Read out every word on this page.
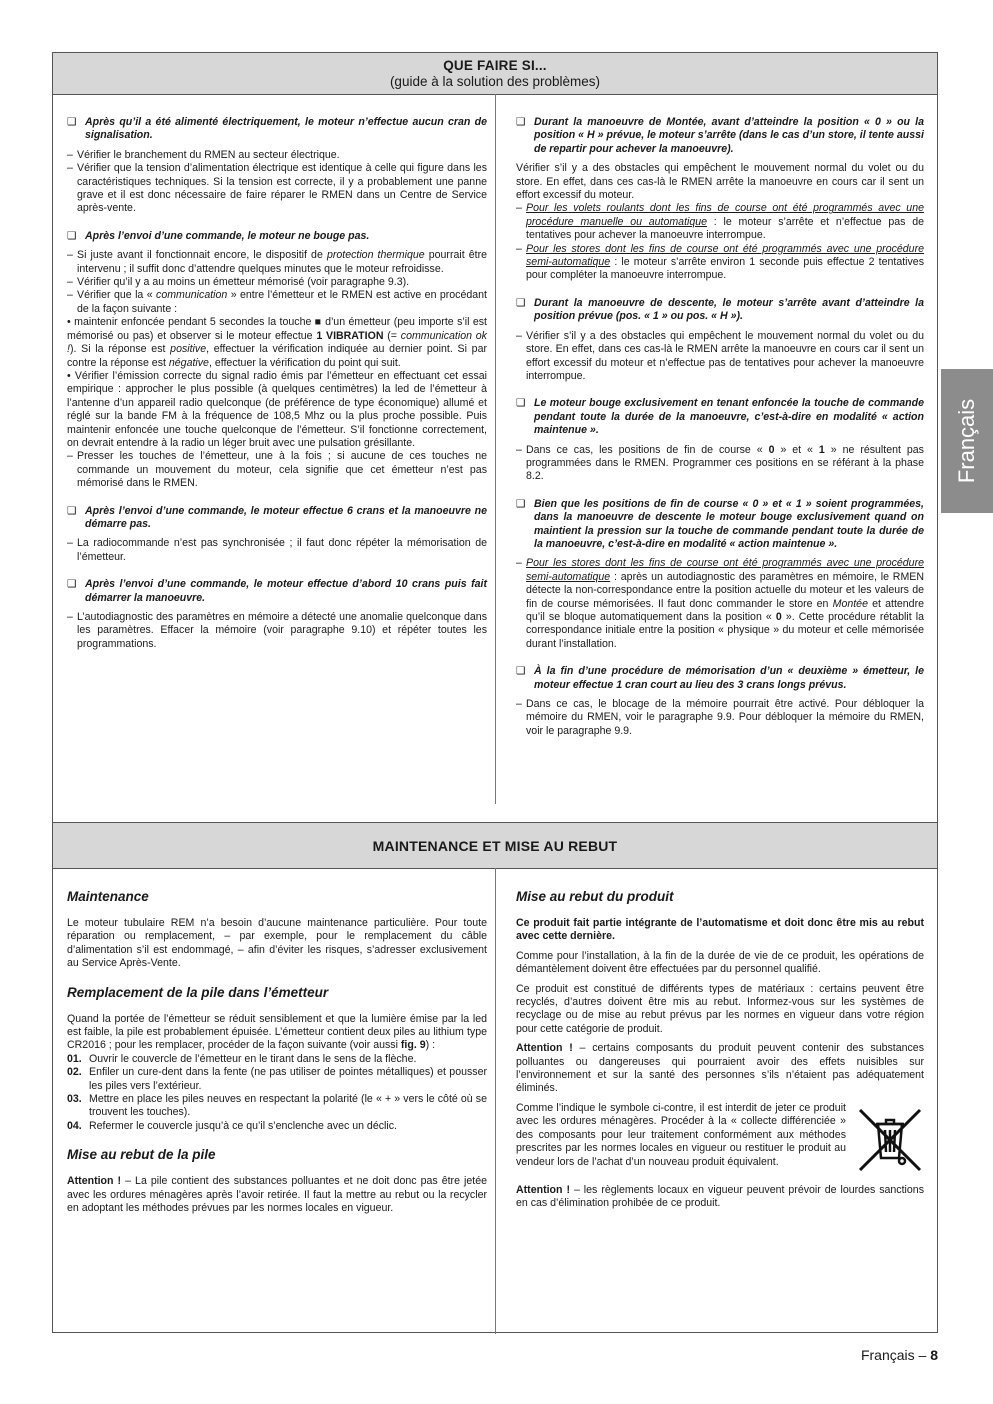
QUE FAIRE SI...
(guide à la solution des problèmes)
❑ Après qu’il a été alimenté électriquement, le moteur n’effectue aucun cran de signalisation.
– Vérifier le branchement du RMEN au secteur électrique.
– Vérifier que la tension d’alimentation électrique est identique à celle qui figure dans les caractéristiques techniques. Si la tension est correcte, il y a probablement une panne grave et il est donc nécessaire de faire réparer le RMEN dans un Centre de Service après-vente.
❑ Après l’envoi d’une commande, le moteur ne bouge pas.
– Si juste avant il fonctionnait encore, le dispositif de protection thermique pourrait être intervenu ; il suffit donc d’attendre quelques minutes que le moteur refroidisse.
– Vérifier qu’il y a au moins un émetteur mémorisé (voir paragraphe 9.3).
– Vérifier que la « communication » entre l’émetteur et le RMEN est active en procédant de la façon suivante :

• maintenir enfoncée pendant 5 secondes la touche ■ d’un émetteur (peu importe s’il est mémorisé ou pas) et observer si le moteur effectue 1 VIBRATION (= communication ok !). Si la réponse est positive, effectuer la vérification indiquée au dernier point. Si par contre la réponse est négative, effectuer la vérification du point qui suit.

• Vérifier l’émission correcte du signal radio émis par l’émetteur en effectuant cet essai empirique : approcher le plus possible (à quelques centimètres) la led de l’émetteur à l’antenne d’un appareil radio quelconque (de préférence de type économique) allumé et réglé sur la bande FM à la fréquence de 108,5 Mhz ou la plus proche possible. Puis maintenir enfoncée une touche quelconque de l’émetteur. S’il fonctionne correctement, on devrait entendre à la radio un léger bruit avec une pulsation grésillante.

– Presser les touches de l’émetteur, une à la fois ; si aucune de ces touches ne commande un mouvement du moteur, cela signifie que cet émetteur n’est pas mémorisé dans le RMEN.
❑ Après l’envoi d’une commande, le moteur effectue 6 crans et la manoeuvre ne démarre pas.
– La radiocommande n’est pas synchronisée ; il faut donc répéter la mémorisation de l’émetteur.
❑ Après l’envoi d’une commande, le moteur effectue d’abord 10 crans puis fait démarrer la manoeuvre.
– L’autodiagnostic des paramètres en mémoire a détecté une anomalie quelconque dans les paramètres. Effacer la mémoire (voir paragraphe 9.10) et répéter toutes les programmations.
❑ Durant la manoeuvre de Montée, avant d’atteindre la position « 0 » ou la position « H » prévue, le moteur s’arrête (dans le cas d’un store, il tente aussi de repartir pour achever la manoeuvre).

Vérifier s’il y a des obstacles qui empêchent le mouvement normal du volet ou du store. En effet, dans ces cas-là le RMEN arrête la manoeuvre en cours car il sent un effort excessif du moteur.

– Pour les volets roulants dont les fins de course ont été programmés avec une procédure manuelle ou automatique : le moteur s’arrête et n’effectue pas de tentatives pour achever la manoeuvre interrompue.
– Pour les stores dont les fins de course ont été programmés avec une procédure semi-automatique : le moteur s’arrête environ 1 seconde puis effectue 2 tentatives pour compléter la manoeuvre interrompue.
❑ Durant la manoeuvre de descente, le moteur s’arrête avant d’atteindre la position prévue (pos. « 1 » ou pos. « H »).
– Vérifier s’il y a des obstacles qui empêchent le mouvement normal du volet ou du store. En effet, dans ces cas-là le RMEN arrête la manoeuvre en cours car il sent un effort excessif du moteur et n’effectue pas de tentatives pour achever la manoeuvre interrompue.
❑ Le moteur bouge exclusivement en tenant enfoncée la touche de commande pendant toute la durée de la manoeuvre, c’est-à-dire en modalité « action maintenue ».
– Dans ce cas, les positions de fin de course « 0 » et « 1 » ne résultent pas programmées dans le RMEN. Programmer ces positions en se référant à la phase 8.2.
❑ Bien que les positions de fin de course « 0 » et « 1 » soient programmées, dans la manoeuvre de descente le moteur bouge exclusivement quand on maintient la pression sur la touche de commande pendant toute la durée de la manoeuvre, c’est-à-dire en modalité « action maintenue ».
– Pour les stores dont les fins de course ont été programmés avec une procédure semi-automatique : après un autodiagnostic des paramètres en mémoire, le RMEN détecte la non-correspondance entre la position actuelle du moteur et les valeurs de fin de course mémorisées. Il faut donc commander le store en Montée et attendre qu’il se bloque automatiquement dans la position « 0 ». Cette procédure rétablit la correspondance initiale entre la position « physique » du moteur et celle mémorisée durant l’installation.
❑ À la fin d’une procédure de mémorisation d’un « deuxième » émetteur, le moteur effectue 1 cran court au lieu des 3 crans longs prévus.
– Dans ce cas, le blocage de la mémoire pourrait être activé. Pour débloquer la mémoire du RMEN, voir le paragraphe 9.9. Pour débloquer la mémoire du RMEN, voir le paragraphe 9.9.
MAINTENANCE ET MISE AU REBUT
Maintenance

Le moteur tubulaire REM n’a besoin d’aucune maintenance particulière. Pour toute réparation ou remplacement, – par exemple, pour le remplacement du câble d’alimentation s’il est endommagé, – afin d’éviter les risques, s’adresser exclusivement au Service Après-Vente.

Remplacement de la pile dans l’émetteur

Quand la portée de l’émetteur se réduit sensiblement et que la lumière émise par la led est faible, la pile est probablement épuisée. L’émetteur contient deux piles au lithium type CR2016 ; pour les remplacer, procéder de la façon suivante (voir aussi fig. 9) :

01. Ouvrir le couvercle de l’émetteur en le tirant dans le sens de la flèche.
02. Enfiler un cure-dent dans la fente (ne pas utiliser de pointes métalliques) et pousser les piles vers l’extérieur.
03. Mettre en place les piles neuves en respectant la polarité (le « + » vers le côté où se trouvent les touches).
04. Refermer le couvercle jusqu’à ce qu’il s’enclenche avec un déclic.
Mise au rebut de la pile

Attention ! – La pile contient des substances polluantes et ne doit donc pas être jetée avec les ordures ménagères après l’avoir retirée. Il faut la mettre au rebut ou la recycler en adoptant les méthodes prévues par les normes locales en vigueur.

Mise au rebut du produit

Ce produit fait partie intégrante de l’automatisme et doit donc être mis au rebut avec cette dernière.

Comme pour l’installation, à la fin de la durée de vie de ce produit, les opérations de démantèlement doivent être effectuées par du personnel qualifié.

Ce produit est constitué de différents types de matériaux : certains peuvent être recyclés, d’autres doivent être mis au rebut. Informez-vous sur les systèmes de recyclage ou de mise au rebut prévus par les normes en vigueur dans votre région pour cette catégorie de produit.

Attention ! – certains composants du produit peuvent contenir des substances polluantes ou dangereuses qui pourraient avoir des effets nuisibles sur l’environnement et sur la santé des personnes s’ils n’étaient pas adéquatement éliminés.

Comme l’indique le symbole ci-contre, il est interdit de jeter ce produit avec les ordures ménagères. Procéder à la « collecte différenciée » des composants pour leur traitement conformément aux méthodes prescrites par les normes locales en vigueur ou restituer le produit au vendeur lors de l’achat d’un nouveau produit équivalent.

Attention ! – les règlements locaux en vigueur peuvent prévoir de lourdes sanctions en cas d’élimination prohibée de ce produit.

Français
Français – 8
